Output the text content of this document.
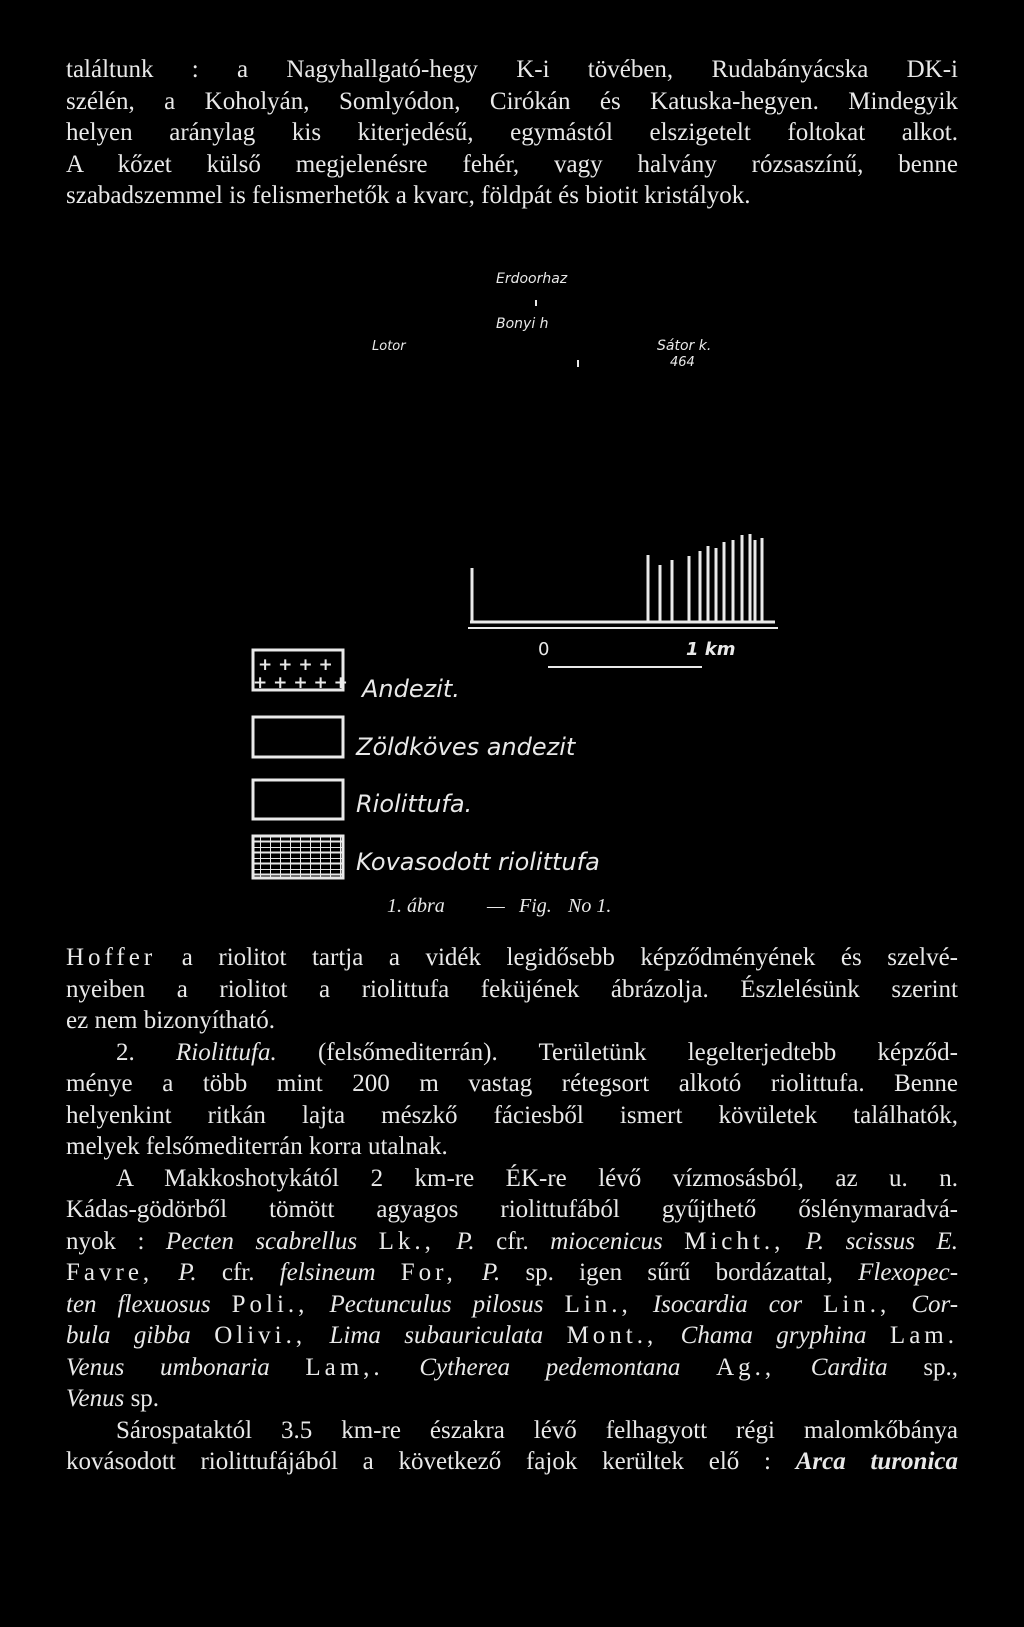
találtunk : a Nagyhallgató-hegy K-i tövében, Rudabányácska DK-i
szélén, a Koholyán, Somlyódon, Cirókán és Katuska-hegyen. Mindegyik
helyen aránylag kis kiterjedésű, egymástól elszigetelt foltokat alkot.
A kőzet külső megjelenésre fehér, vagy halvány rózsaszínű, benne
szabadszemmel is felismerhetők a kvarc, földpát és biotit kristályok.
Erdoorhaz
Bonyi h
Lotor	Sátor k.
464
0	1 km
+ + + +
+ + + + + Andezit.
Zöldköves andezit
Riolittufa.
Kovasodott riolittufa
1. ábra — Fig. No 1.
Hoffer a riolitot tartja a vidék legidősebb képződményének és szelvé-
nyeiben a riolitot a riolittufa feküjének ábrázolja. Észlelésünk szerint
ez nem bizonyítható.
2. Riolittufa. (felsőmediterrán). Területünk legelterjedtebb képződ-
ménye a több mint 200 m vastag rétegsort alkotó riolittufa. Benne
helyenkint ritkán lajta mészkő fáciesből ismert kövületek találhatók,
melyek felsőmediterrán korra utalnak.
A Makkoshotykától 2 km-re ÉK-re lévő vízmosásból, az u. n.
Kádas-gödörből tömött agyagos riolittufából gyűjthető őslénymaradvá-
nyok : Pecten scabrellus Lk., P. cfr. miocenicus Micht., P. scissus E.
Favre, P. cfr. felsineum For, P. sp. igen sűrű bordázattal, Flexopec-
ten flexuosus Poli., Pectunculus pilosus Lin., Isocardia cor Lin., Cor-
bula gibba Olivi., Lima subauriculata Mont., Chama gryphina Lam.
Venus umbonaria Lam,. Cytherea pedemontana Ag., Cardita sp.,
Venus sp.
Sárospataktól 3.5 km-re északra lévő felhagyott régi malomkőbánya
kovásodott riolittufájából a következő fajok kerültek elő : Arca turonica
